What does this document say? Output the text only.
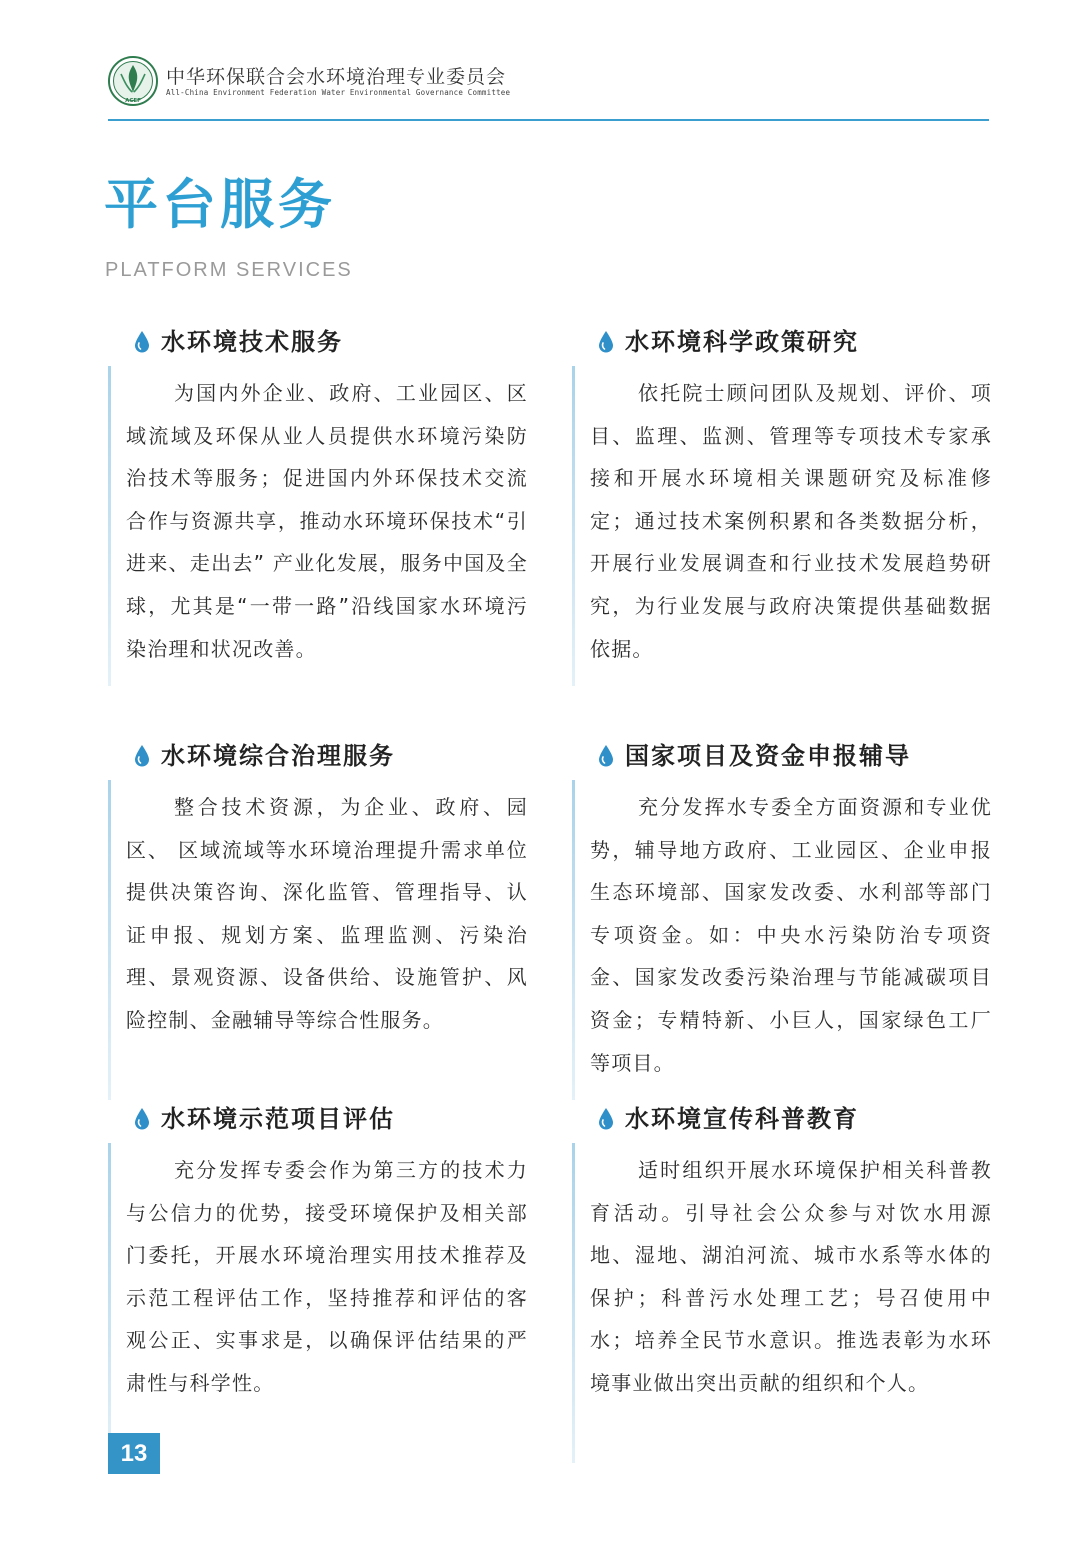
ACEF
中华环保联合会水环境治理专业委员会
All-China Environment Federation Water Environmental Governance Committee
平台服务
PLATFORM SERVICES
水环境技术服务

为国内外企业、政府、工业园区、区域流域及环保从业人员提供水环境污染防治技术等服务；促进国内外环保技术交流合作与资源共享，推动水环境环保技术“引进来、走出去” 产业化发展，服务中国及全球，尤其是“一带一路”沿线国家水环境污染治理和状况改善。

水环境科学政策研究

依托院士顾问团队及规划、评价、项目、监理、监测、管理等专项技术专家承接和开展水环境相关课题研究及标准修定；通过技术案例积累和各类数据分析，开展行业发展调查和行业技术发展趋势研究，为行业发展与政府决策提供基础数据依据。

水环境综合治理服务

整合技术资源，为企业、政府、园区、 区域流域等水环境治理提升需求单位提供决策咨询、深化监管、管理指导、认证申报、规划方案、监理监测、污染治理、景观资源、设备供给、设施管护、风险控制、金融辅导等综合性服务。

国家项目及资金申报辅导

充分发挥水专委全方面资源和专业优势，辅导地方政府、工业园区、企业申报生态环境部、国家发改委、水利部等部门专项资金。如：中央水污染防治专项资金、国家发改委污染治理与节能减碳项目资金；专精特新、小巨人，国家绿色工厂等项目。

水环境示范项目评估

充分发挥专委会作为第三方的技术力与公信力的优势，接受环境保护及相关部门委托，开展水环境治理实用技术推荐及示范工程评估工作，坚持推荐和评估的客观公正、实事求是，以确保评估结果的严肃性与科学性。

水环境宣传科普教育

适时组织开展水环境保护相关科普教育活动。引导社会公众参与对饮水用源地、湿地、湖泊河流、城市水系等水体的保护；科普污水处理工艺；号召使用中水；培养全民节水意识。推选表彰为水环境事业做出突出贡献的组织和个人。

13
